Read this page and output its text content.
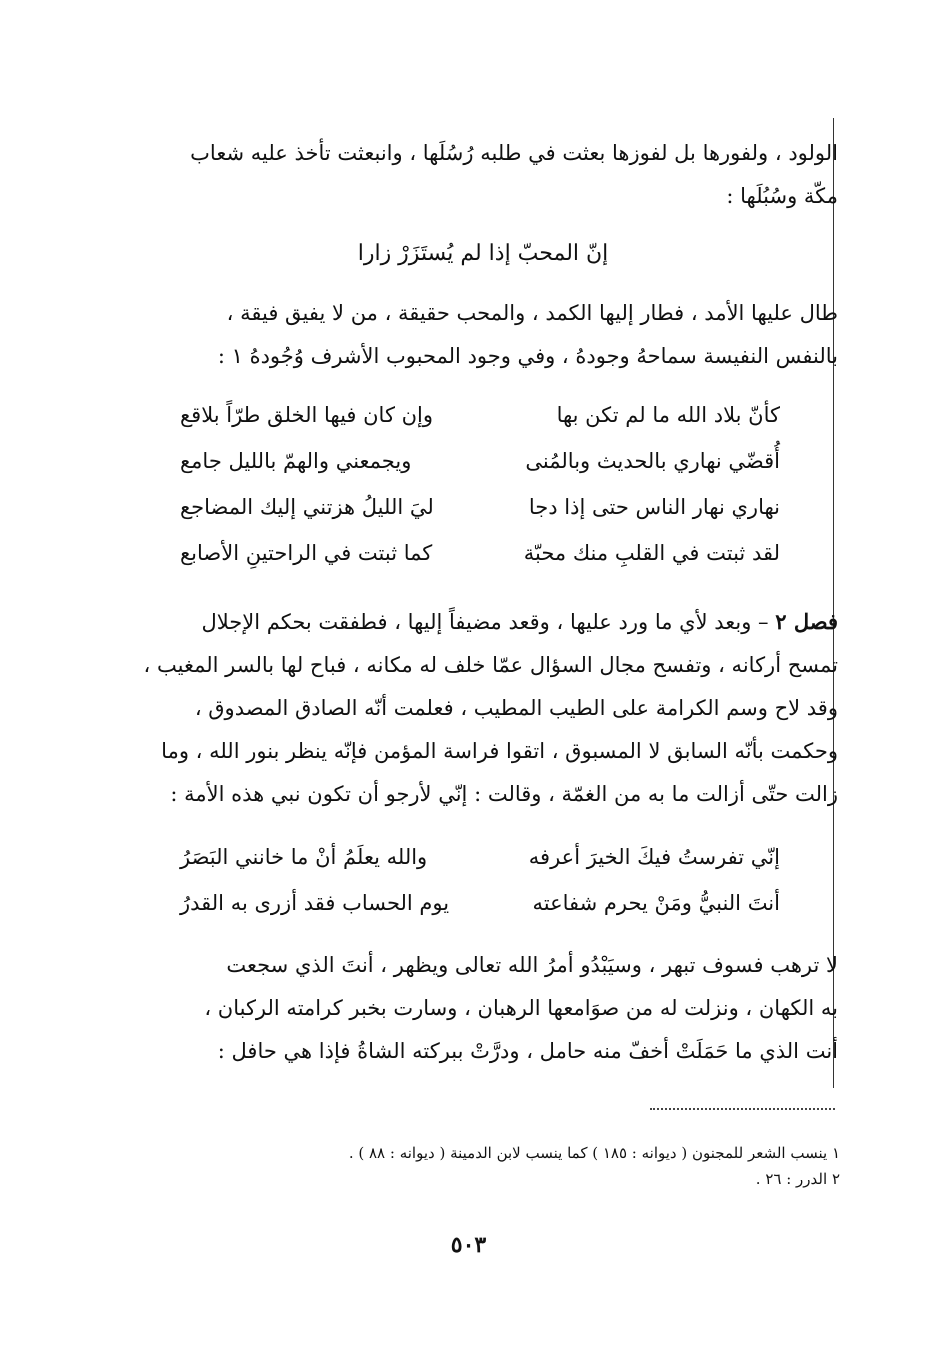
الولود ، ولفورها بل لفوزها بعثت في طلبه رُسُلَها ، وانبعثت تأخذ عليه شعاب
مكّة وسُبُلَها :
إنّ المحبّ إذا لم يُستَزَرْ زارا
طال عليها الأمد ، فطار إليها الكمد ، والمحب حقيقة ، من لا يفيق فيقة ،
بالنفس النفيسة سماحهُ وجودهُ ، وفي وجود المحبوب الأشرف وُجُودهُ ١ :
كأنّ بلاد الله ما لم تكن بها
وإن كان فيها الخلق طرّاً بلاقع
أُقضّي نهاري بالحديث وبالمُنى
ويجمعني والهمّ بالليل جامع
نهاري نهار الناس حتى إذا دجا
ليَ الليلُ هزتني إليك المضاجع
لقد ثبتت في القلبِ منك محبّة
كما ثبتت في الراحتينِ الأصابع
فصل ٢ – وبعد لأي ما ورد عليها ، وقعد مضيفاً إليها ، فطفقت بحكم الإجلال
تمسح أركانه ، وتفسح مجال السؤال عمّا خلف له مكانه ، فباح لها بالسر المغيب ،
وقد لاح وسم الكرامة على الطيب المطيب ، فعلمت أنّه الصادق المصدوق ،
وحكمت بأنّه السابق لا المسبوق ، اتقوا فراسة المؤمن فإنّه ينظر بنور الله ، وما
زالت حتّى أزالت ما به من الغمّة ، وقالت : إنّي لأرجو أن تكون نبي هذه الأمة :
إنّي تفرستُ فيكَ الخيرَ أعرفه
والله يعلَمُ أنْ ما خانني البَصَرُ
أنتَ النبيُّ ومَنْ يحرم شفاعته
يوم الحساب فقد أزرى به القدرُ
لا ترهب فسوف تبهر ، وسيَبْدُو أمرُ الله تعالى ويظهر ، أنتَ الذي سجعت
به الكهان ، ونزلت له من صوَامعها الرهبان ، وسارت بخبر كرامته الركبان ،
أنت الذي ما حَمَلَتْ أخفّ منه حامل ، ودرَّتْ ببركته الشاةُ فإذا هي حافل :
١ ينسب الشعر للمجنون ( ديوانه : ١٨٥ ) كما ينسب لابن الدمينة ( ديوانه : ٨٨ ) .
٢ الدرر : ٢٦ .
٥٠٣
